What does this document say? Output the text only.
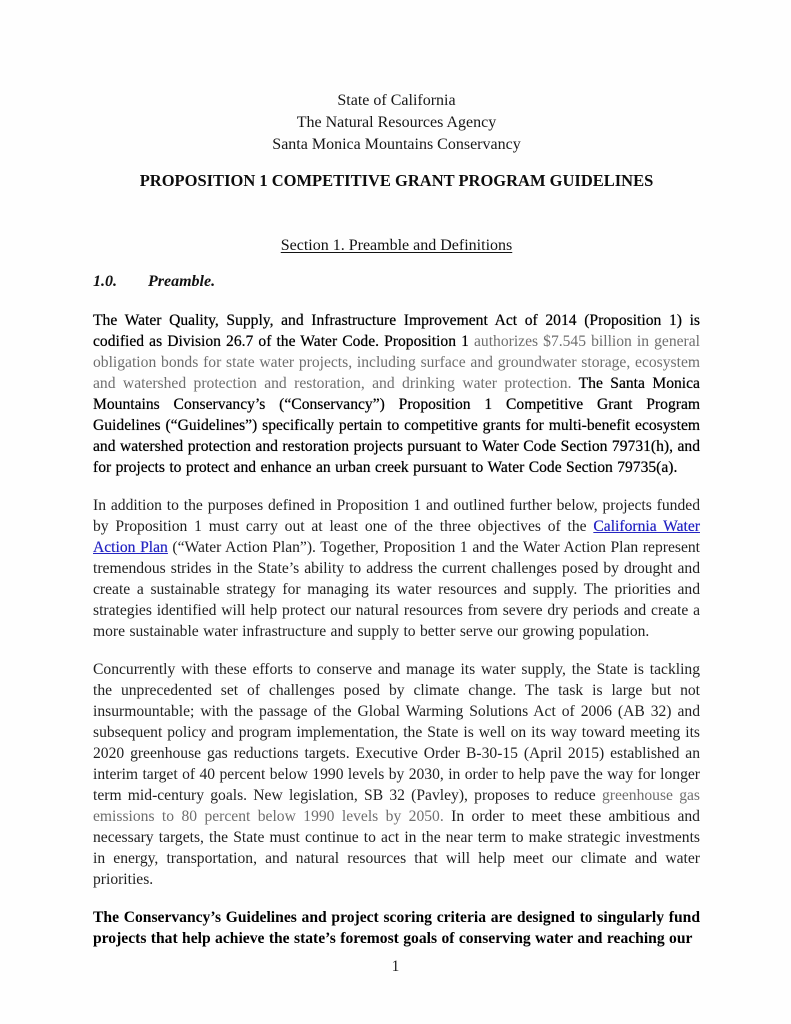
State of California
The Natural Resources Agency
Santa Monica Mountains Conservancy
PROPOSITION 1 COMPETITIVE GRANT PROGRAM GUIDELINES
Section 1. Preamble and Definitions
1.0. Preamble.

The Water Quality, Supply, and Infrastructure Improvement Act of 2014 (Proposition 1) is codified as Division 26.7 of the Water Code. Proposition 1 authorizes $7.545 billion in general obligation bonds for state water projects, including surface and groundwater storage, ecosystem and watershed protection and restoration, and drinking water protection. The Santa Monica Mountains Conservancy’s (“Conservancy”) Proposition 1 Competitive Grant Program Guidelines (“Guidelines”) specifically pertain to competitive grants for multi-benefit ecosystem and watershed protection and restoration projects pursuant to Water Code Section 79731(h), and for projects to protect and enhance an urban creek pursuant to Water Code Section 79735(a).

In addition to the purposes defined in Proposition 1 and outlined further below, projects funded by Proposition 1 must carry out at least one of the three objectives of the California Water Action Plan (“Water Action Plan”). Together, Proposition 1 and the Water Action Plan represent tremendous strides in the State’s ability to address the current challenges posed by drought and create a sustainable strategy for managing its water resources and supply. The priorities and strategies identified will help protect our natural resources from severe dry periods and create a more sustainable water infrastructure and supply to better serve our growing population.

Concurrently with these efforts to conserve and manage its water supply, the State is tackling the unprecedented set of challenges posed by climate change. The task is large but not insurmountable; with the passage of the Global Warming Solutions Act of 2006 (AB 32) and subsequent policy and program implementation, the State is well on its way toward meeting its 2020 greenhouse gas reductions targets. Executive Order B-30-15 (April 2015) established an interim target of 40 percent below 1990 levels by 2030, in order to help pave the way for longer term mid-century goals. New legislation, SB 32 (Pavley), proposes to reduce greenhouse gas emissions to 80 percent below 1990 levels by 2050. In order to meet these ambitious and necessary targets, the State must continue to act in the near term to make strategic investments in energy, transportation, and natural resources that will help meet our climate and water priorities.

The Conservancy’s Guidelines and project scoring criteria are designed to singularly fund projects that help achieve the state’s foremost goals of conserving water and reaching our

1
